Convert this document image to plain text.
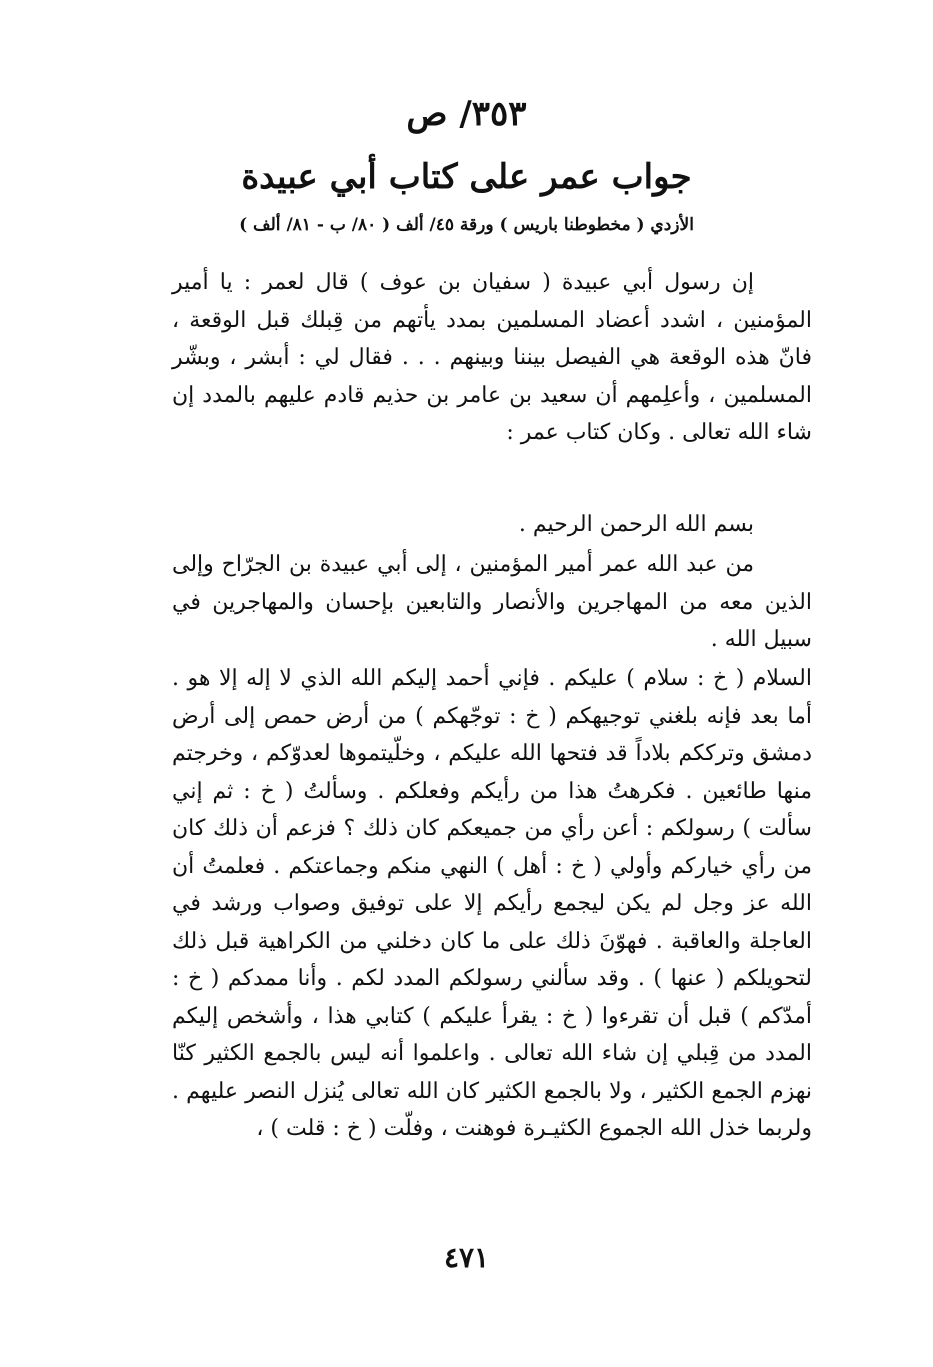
٣٥٣/ ص
جواب عمر على كتاب أبي عبيدة
الأزدي ( مخطوطنا باريس ) ورقة ٤٥/ ألف ( ٨٠/ ب - ٨١/ ألف )

إن رسول أبي عبيدة ( سفيان بن عوف ) قال لعمر : يا أمير المؤمنين ، اشدد أعضاد المسلمين بمدد يأتهم من قِبلك قبل الوقعة ، فانّ هذه الوقعة هي الفيصل بيننا وبينهم . . . فقال لي : أبشر ، وبشّر المسلمين ، وأعلِمهم أن سعيد بن عامر بن حذيم قادم عليهم بالمدد إن شاء الله تعالى . وكان كتاب عمر :

بسم الله الرحمن الرحيم .

من عبد الله عمر أمير المؤمنين ، إلى أبي عبيدة بن الجرّاح وإلى الذين معه من المهاجرين والأنصار والتابعين بإحسان والمهاجرين في سبيل الله .

السلام ( خ : سلام ) عليكم . فإني أحمد إليكم الله الذي لا إله إلا هو . أما بعد فإنه بلغني توجيهكم ( خ : توجّهكم ) من أرض حمص إلى أرض دمشق وترككم بلاداً قد فتحها الله عليكم ، وخلّيتموها لعدوّكم ، وخرجتم منها طائعين . فكرهتُ هذا من رأيكم وفعلكم . وسألتُ ( خ : ثم إني سألت ) رسولكم : أعن رأي من جميعكم كان ذلك ؟ فزعم أن ذلك كان من رأي خياركم وأولي ( خ : أهل ) النهي منكم وجماعتكم . فعلمتُ أن الله عز وجل لم يكن ليجمع رأيكم إلا على توفيق وصواب ورشد في العاجلة والعاقبة . فهوّنَ ذلك على ما كان دخلني من الكراهية قبل ذلك لتحويلكم ( عنها ) . وقد سألني رسولكم المدد لكم . وأنا ممدكم ( خ : أمدّكم ) قبل أن تقرءوا ( خ : يقرأ عليكم ) كتابي هذا ، وأشخص إليكم المدد من قِبلي إن شاء الله تعالى . واعلموا أنه ليس بالجمع الكثير كنّا نهزم الجمع الكثير ، ولا بالجمع الكثير كان الله تعالى يُنزل النصر عليهم . ولربما خذل الله الجموع الكثيـرة فوهنت ، وفلّت ( خ : قلت ) ،

٤٧١
